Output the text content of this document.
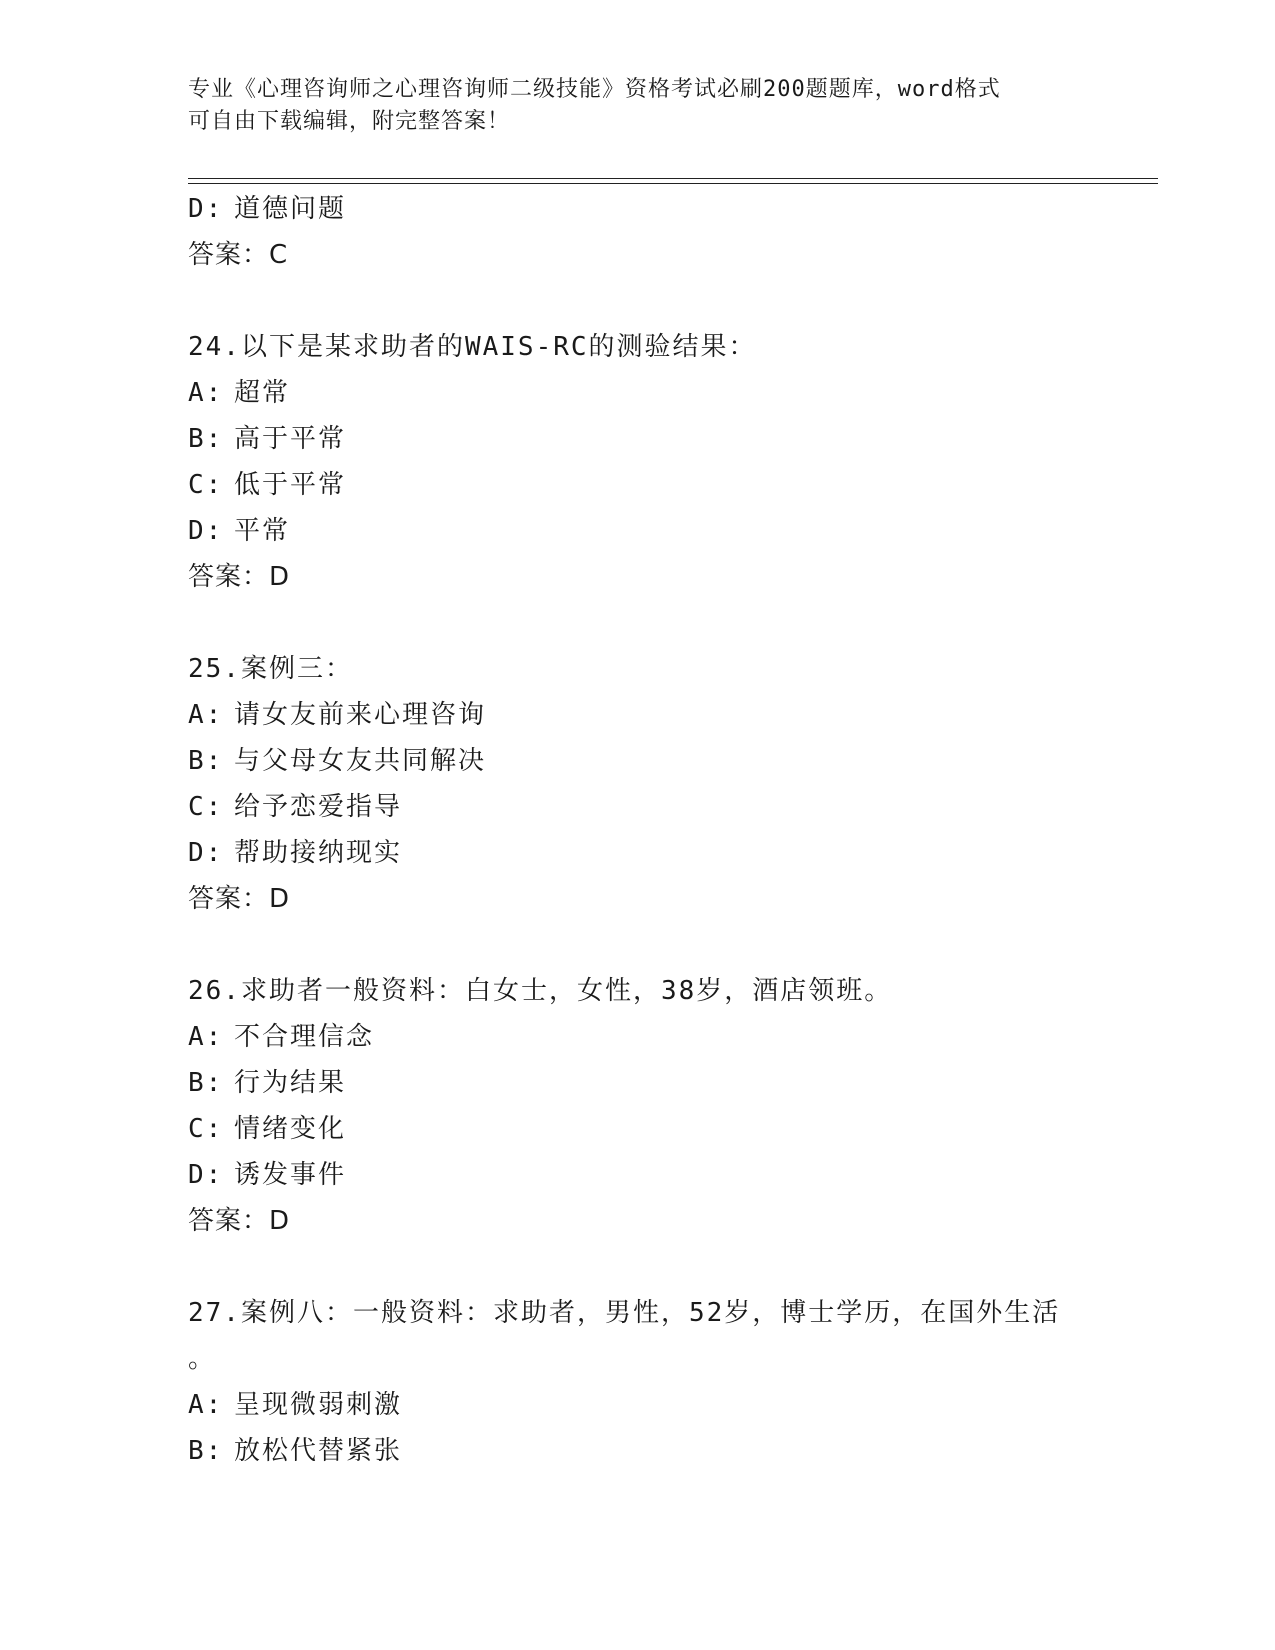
专业《心理咨询师之心理咨询师二级技能》资格考试必刷200题题库，word格式
可自由下载编辑，附完整答案！
D: 道德问题
答案：C
24.以下是某求助者的WAIS-RC的测验结果：
A: 超常
B: 高于平常
C: 低于平常
D: 平常
答案：D
25.案例三：
A: 请女友前来心理咨询
B: 与父母女友共同解决
C: 给予恋爱指导
D: 帮助接纳现实
答案：D
26.求助者一般资料：白女士，女性，38岁，酒店领班。
A: 不合理信念
B: 行为结果
C: 情绪变化
D: 诱发事件
答案：D
27.案例八：一般资料：求助者，男性，52岁，博士学历，在国外生活
。
A: 呈现微弱刺激
B: 放松代替紧张
